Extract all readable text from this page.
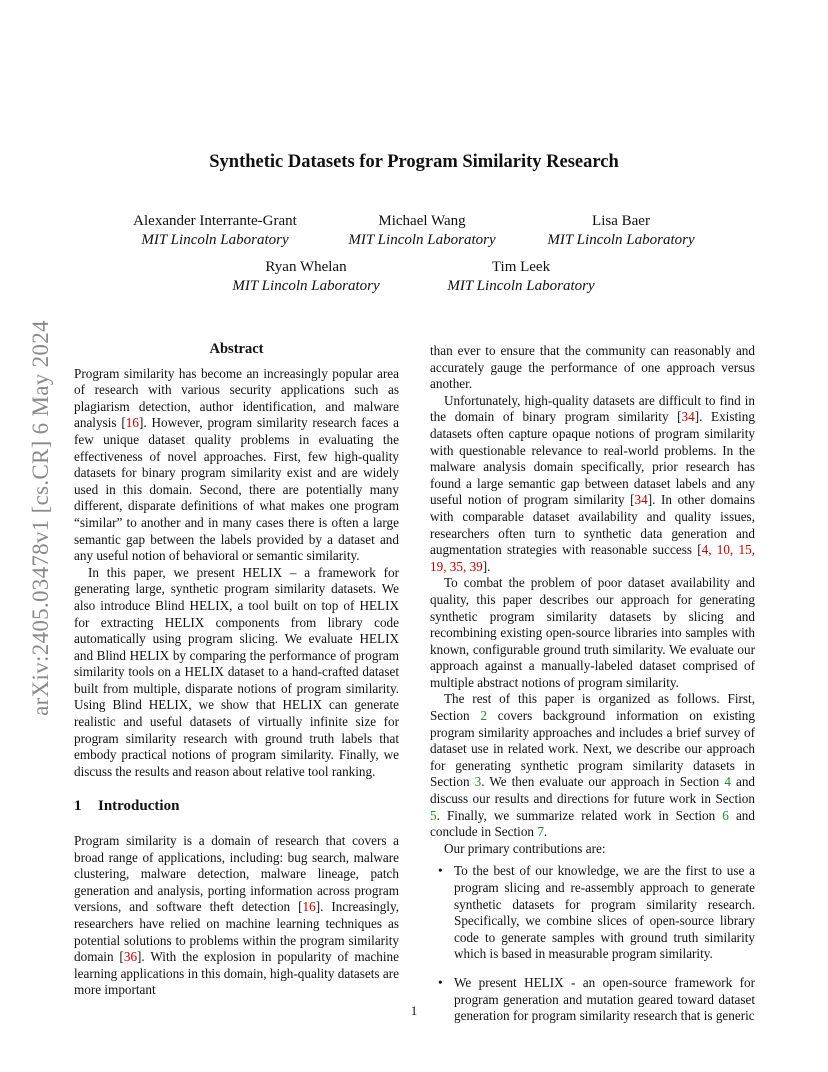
arXiv:2405.03478v1 [cs.CR] 6 May 2024
Synthetic Datasets for Program Similarity Research
Alexander Interrante-Grant
MIT Lincoln Laboratory
Michael Wang
MIT Lincoln Laboratory
Lisa Baer
MIT Lincoln Laboratory
Ryan Whelan
MIT Lincoln Laboratory
Tim Leek
MIT Lincoln Laboratory
Abstract

Program similarity has become an increasingly popular area of research with various security applications such as plagiarism detection, author identification, and malware analysis [16]. However, program similarity research faces a few unique dataset quality problems in evaluating the effectiveness of novel approaches. First, few high-quality datasets for binary program similarity exist and are widely used in this domain. Second, there are potentially many different, disparate definitions of what makes one program “similar” to another and in many cases there is often a large semantic gap between the labels provided by a dataset and any useful notion of behavioral or semantic similarity.

In this paper, we present HELIX – a framework for generating large, synthetic program similarity datasets. We also introduce Blind HELIX, a tool built on top of HELIX for extracting HELIX components from library code automatically using program slicing. We evaluate HELIX and Blind HELIX by comparing the performance of program similarity tools on a HELIX dataset to a hand-crafted dataset built from multiple, disparate notions of program similarity. Using Blind HELIX, we show that HELIX can generate realistic and useful datasets of virtually infinite size for program similarity research with ground truth labels that embody practical notions of program similarity. Finally, we discuss the results and reason about relative tool ranking.

1 Introduction

Program similarity is a domain of research that covers a broad range of applications, including: bug search, malware clustering, malware detection, malware lineage, patch generation and analysis, porting information across program versions, and software theft detection [16]. Increasingly, researchers have relied on machine learning techniques as potential solutions to problems within the program similarity domain [36]. With the explosion in popularity of machine learning applications in this domain, high-quality datasets are more important

than ever to ensure that the community can reasonably and accurately gauge the performance of one approach versus another.

Unfortunately, high-quality datasets are difficult to find in the domain of binary program similarity [34]. Existing datasets often capture opaque notions of program similarity with questionable relevance to real-world problems. In the malware analysis domain specifically, prior research has found a large semantic gap between dataset labels and any useful notion of program similarity [34]. In other domains with comparable dataset availability and quality issues, researchers often turn to synthetic data generation and augmentation strategies with reasonable success [4, 10, 15, 19, 35, 39].

To combat the problem of poor dataset availability and quality, this paper describes our approach for generating synthetic program similarity datasets by slicing and recombining existing open-source libraries into samples with known, configurable ground truth similarity. We evaluate our approach against a manually-labeled dataset comprised of multiple abstract notions of program similarity.

The rest of this paper is organized as follows. First, Section 2 covers background information on existing program similarity approaches and includes a brief survey of dataset use in related work. Next, we describe our approach for generating synthetic program similarity datasets in Section 3. We then evaluate our approach in Section 4 and discuss our results and directions for future work in Section 5. Finally, we summarize related work in Section 6 and conclude in Section 7.

Our primary contributions are:

• To the best of our knowledge, we are the first to use a program slicing and re-assembly approach to generate synthetic datasets for program similarity research. Specifically, we combine slices of open-source library code to generate samples with ground truth similarity which is based in measurable program similarity.
• We present HELIX - an open-source framework for program generation and mutation geared toward dataset generation for program similarity research that is generic
1
